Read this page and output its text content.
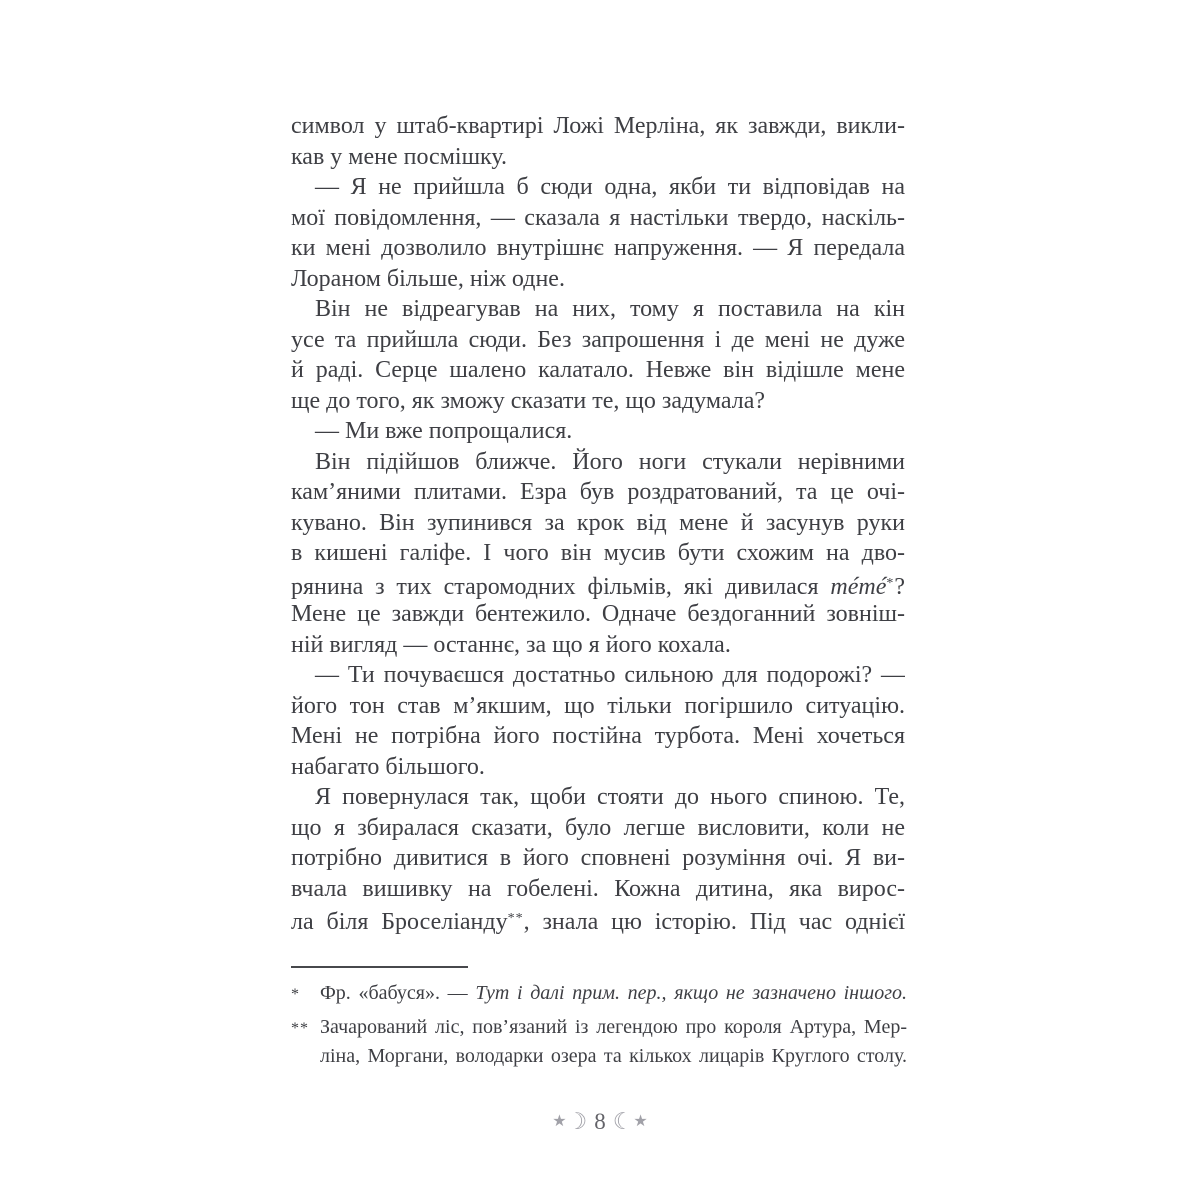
символ у штаб-квартирі Ложі Мерліна, як завжди, викли-
кав у мене посмішку.
— Я не прийшла б сюди одна, якби ти відповідав на
мої повідомлення, — сказала я настільки твердо, наскіль-
ки мені дозволило внутрішнє напруження. — Я передала
Лораном більше, ніж одне.
Він не відреагував на них, тому я поставила на кін
усе та прийшла сюди. Без запрошення і де мені не дуже
й раді. Серце шалено калатало. Невже він відішле мене
ще до того, як зможу сказати те, що задумала?
— Ми вже попрощалися.
Він підійшов ближче. Його ноги стукали нерівними
кам’яними плитами. Езра був роздратований, та це очі-
кувано. Він зупинився за крок від мене й засунув руки
в кишені галіфе. І чого він мусив бути схожим на дво-
рянина з тих старомодних фільмів, які дивилася mémé*?
Мене це завжди бентежило. Одначе бездоганний зовніш-
ній вигляд — останнє, за що я його кохала.
— Ти почуваєшся достатньо сильною для подорожі? —
його тон став м’якшим, що тільки погіршило ситуацію.
Мені не потрібна його постійна турбота. Мені хочеться
набагато більшого.
Я повернулася так, щоби стояти до нього спиною. Те,
що я збиралася сказати, було легше висловити, коли не
потрібно дивитися в його сповнені розуміння очі. Я ви-
вчала вишивку на гобелені. Кожна дитина, яка вирос-
ла біля Броселіанду**, знала цю історію. Під час однієї
*	Фр. «бабуся». — Тут і далі прим. пер., якщо не зазначено іншого.
** Зачарований ліс, пов’язаний із легендою про короля Артура, Мер-
ліна, Моргани, володарки озера та кількох лицарів Круглого столу.
★☽ 8 ☾★
